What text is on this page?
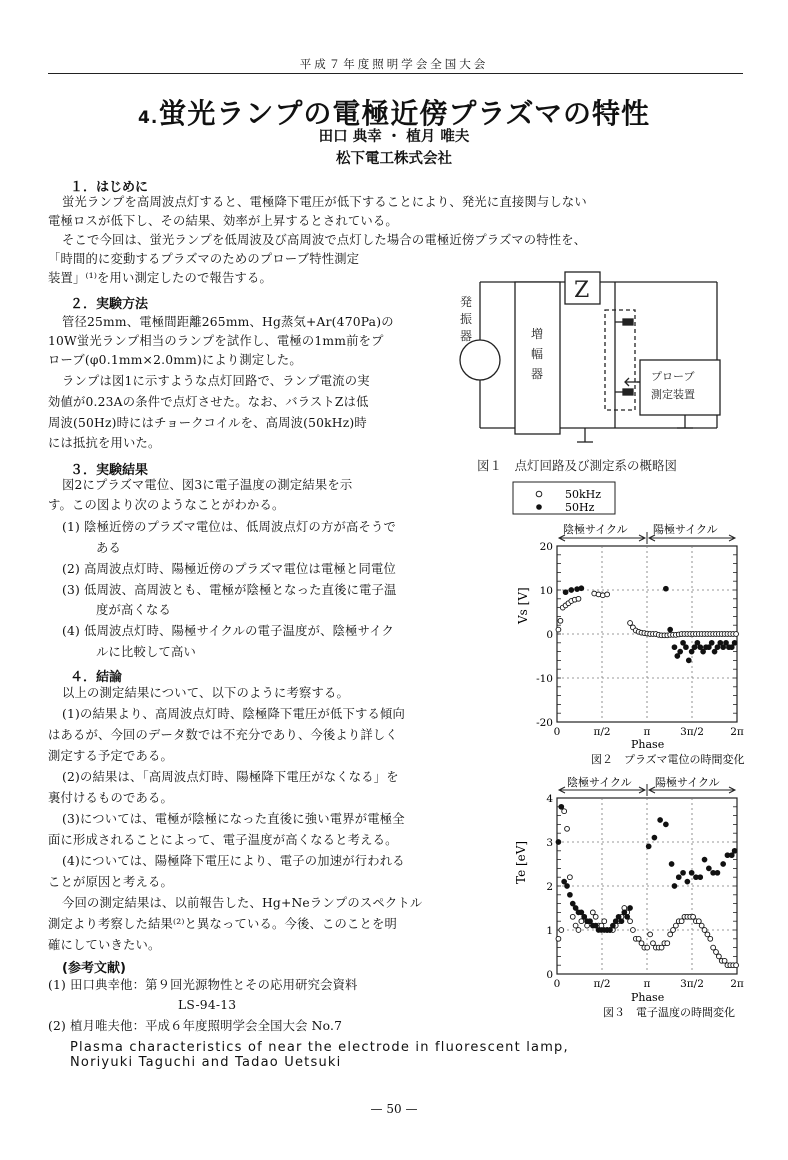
平成７年度照明学会全国大会
4.蛍光ランプの電極近傍プラズマの特性
田口 典幸 ・ 植月 唯夫
松下電工株式会社
１．はじめに
蛍光ランプを高周波点灯すると、電極降下電圧が低下することにより、発光に直接関与しない
電極ロスが低下し、その結果、効率が上昇するとされている。
そこで今回は、蛍光ランプを低周波及び高周波で点灯した場合の電極近傍プラズマの特性を、
「時間的に変動するプラズマのためのプローブ特性測定
装置」⁽¹⁾を用い測定したので報告する。
２．実験方法
管径25mm、電極間距離265mm、Hg蒸気+Ar(470Pa)の
10W蛍光ランプ相当のランプを試作し、電極の1mm前をプ
ローブ(φ0.1mm×2.0mm)により測定した。
ランプは図1に示すような点灯回路で、ランプ電流の実
効値が0.23Aの条件で点灯させた。なお、バラストZは低
周波(50Hz)時にはチョークコイルを、高周波(50kHz)時
には抵抗を用いた。
３．実験結果
図2にプラズマ電位、図3に電子温度の測定結果を示
す。この図より次のようなことがわかる。
(1) 陰極近傍のプラズマ電位は、低周波点灯の方が高そうで
ある
(2) 高周波点灯時、陽極近傍のプラズマ電位は電極と同電位
(3) 低周波、高周波とも、電極が陰極となった直後に電子温
度が高くなる
(4) 低周波点灯時、陽極サイクルの電子温度が、陰極サイク
ルに比較して高い
４．結論
以上の測定結果について、以下のように考察する。
(1)の結果より、高周波点灯時、陰極降下電圧が低下する傾向
はあるが、今回のデータ数では不充分であり、今後より詳しく
測定する予定である。
(2)の結果は、「高周波点灯時、陽極降下電圧がなくなる」を
裏付けるものである。
(3)については、電極が陰極になった直後に強い電界が電極全
面に形成されることによって、電子温度が高くなると考える。
(4)については、陽極降下電圧により、電子の加速が行われる
ことが原因と考える。
今回の測定結果は、以前報告した、Hg+Neランプのスペクトル
測定より考察した結果⁽²⁾と異なっている。今後、このことを明
確にしていきたい。
(参考文献)
(1) 田口典幸他：第９回光源物性とその応用研究会資料
LS-94-13
(2) 植月唯夫他：平成６年度照明学会全国大会 No.7
Plasma characteristics of near the electrode in fluorescent lamp,
Noriyuki Taguchi and Tadao Uetsuki
— 50 —
発
振
器	増
幅
器
Z
プローブ
測定装置
図１　点灯回路及び測定系の概略図
50kHz
50Hz
陰極サイクル 陽極サイクル
20
10
0
-10
-20
0	π/2	π	3π/2	2π
Vs [V]
Phase
図２　プラズマ電位の時間変化
陰極サイクル 陽極サイクル
4
3
2
1
0
0	π/2	π	3π/2	2π
Te [eV]
Phase
図３　電子温度の時間変化
